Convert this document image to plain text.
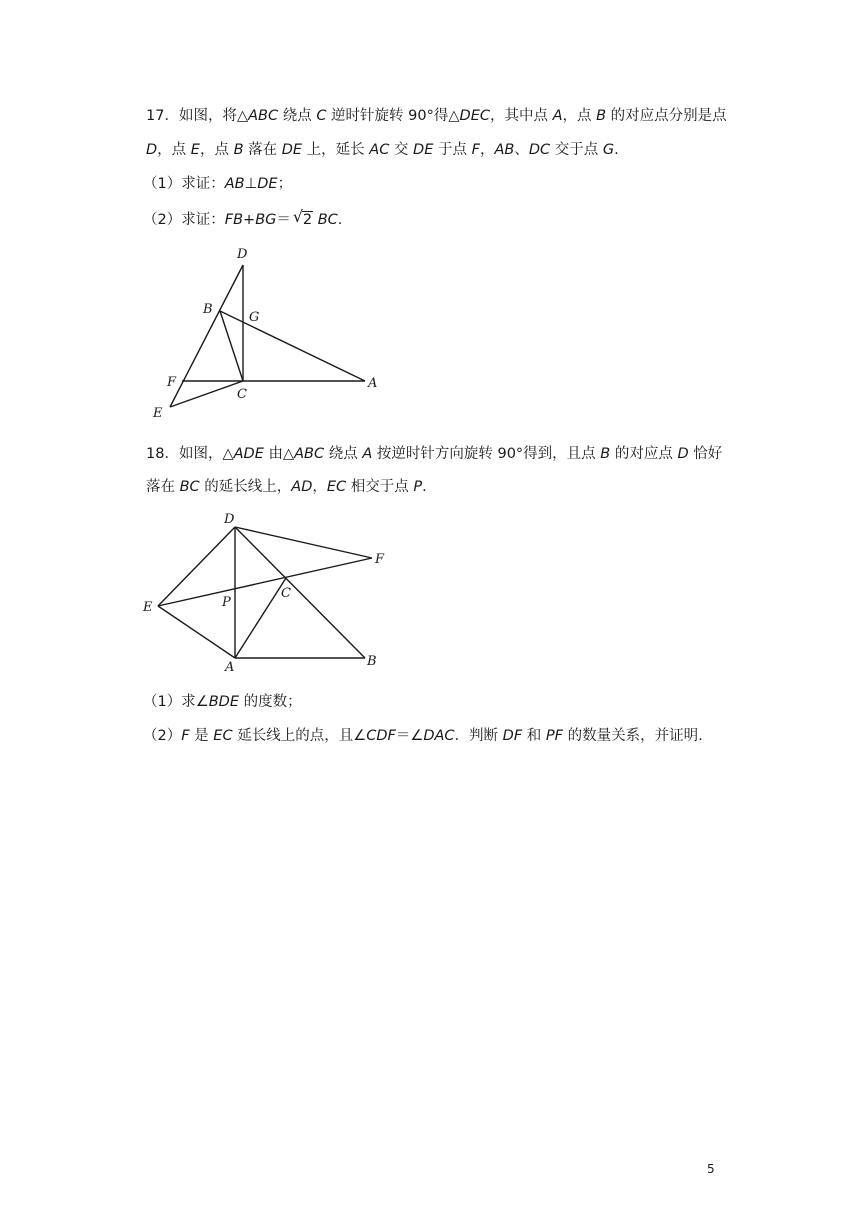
17．如图，将△ABC 绕点 C 逆时针旋转 90°得△DEC，其中点 A，点 B 的对应点分别是点
D，点 E，点 B 落在 DE 上，延长 AC 交 DE 于点 F，AB、DC 交于点 G.
（1）求证：AB⊥DE；
（2）求证：FB+BG＝ √ 2 BC.
D
B
G
F
C
A
E
18．如图，△ADE 由△ABC 绕点 A 按逆时针方向旋转 90°得到，且点 B 的对应点 D 恰好
落在 BC 的延长线上，AD，EC 相交于点 P.
D
F
E	P
C
A	B
（1）求∠BDE 的度数；
（2）F 是 EC 延长线上的点，且∠CDF＝∠DAC．判断 DF 和 PF 的数量关系，并证明.
5
